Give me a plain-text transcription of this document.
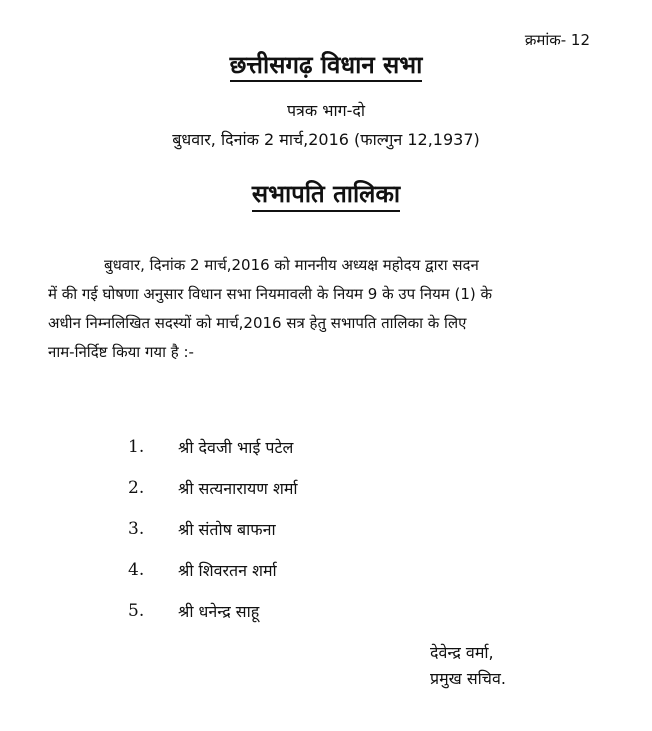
क्रमांक- 12
छत्तीसगढ़ विधान सभा
पत्रक भाग-दो
बुधवार, दिनांक 2 मार्च,2016 (फाल्गुन 12,1937)
सभापति तालिका
बुधवार, दिनांक 2 मार्च,2016 को माननीय अध्यक्ष महोदय द्वारा सदन
में की गई घोषणा अनुसार विधान सभा नियमावली के नियम 9 के उप नियम (1) के
अधीन निम्नलिखित सदस्यों को मार्च,2016 सत्र हेतु सभापति तालिका के लिए
नाम-निर्दिष्ट किया गया है :-
1.	श्री देवजी भाई पटेल
2.	श्री सत्यनारायण शर्मा
3.	श्री संतोष बाफना
4.	श्री शिवरतन शर्मा
5.	श्री धनेन्द्र साहू
देवेन्द्र वर्मा,
प्रमुख सचिव.
